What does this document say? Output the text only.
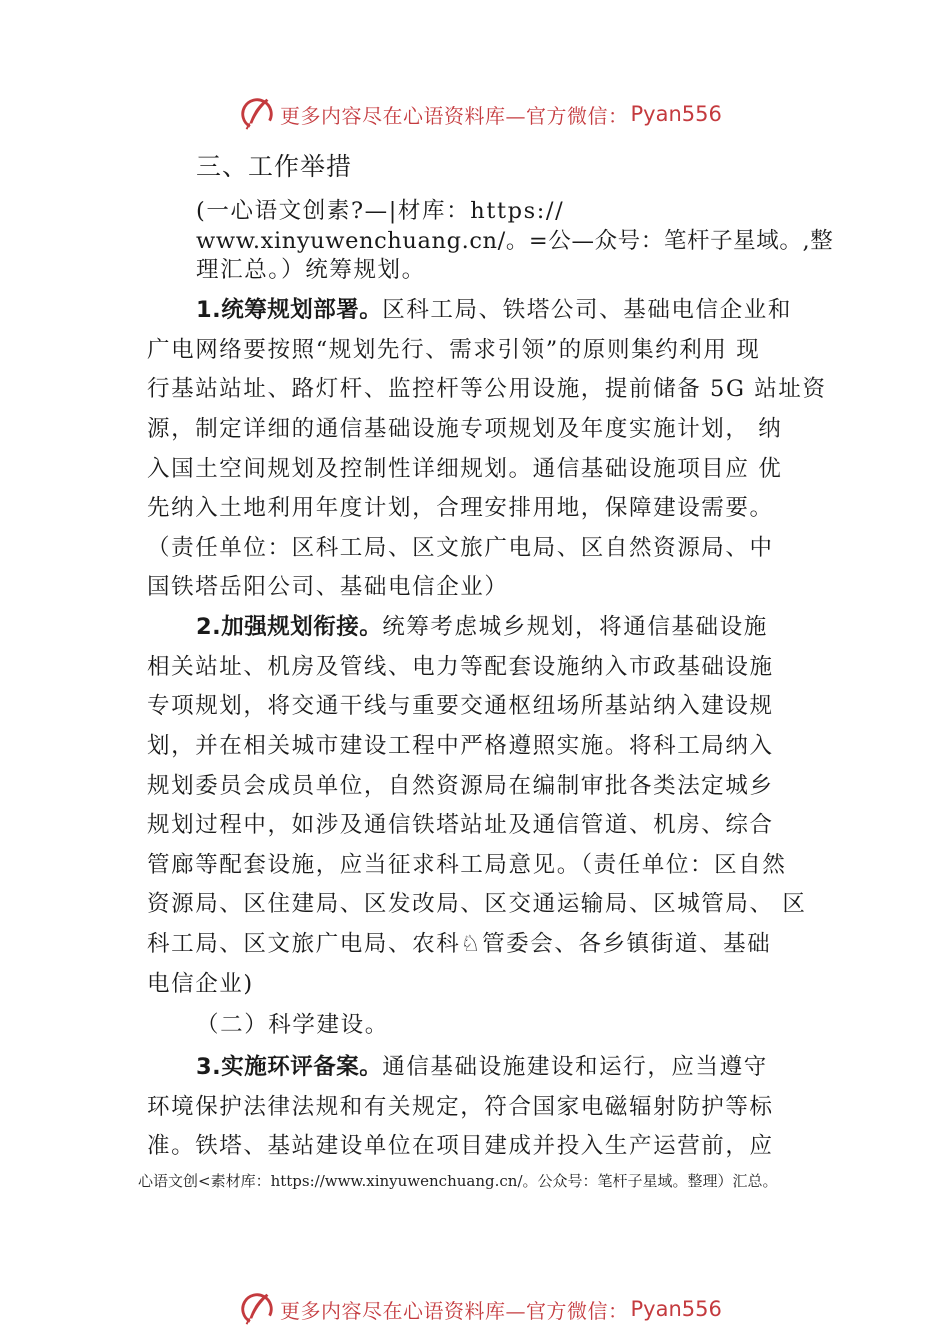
更多内容尽在心语资料库—官方微信： Pyan556
三、工作举措
(一心语文创素?—|材库：https://
www.xinyuwenchuang.cn/。=公—众号：笔杆子星域。,整
理汇总。）统筹规划。
1.统筹规划部署。区科工局、铁塔公司、基础电信企业和
广电网络要按照“规划先行、需求引领”的原则集约利用 现
行基站站址、路灯杆、监控杆等公用设施，提前储备 5G 站址资
源，制定详细的通信基础设施专项规划及年度实施计划， 纳
入国土空间规划及控制性详细规划。通信基础设施项目应 优
先纳入土地利用年度计划，合理安排用地，保障建设需要。
（责任单位：区科工局、区文旅广电局、区自然资源局、中
国铁塔岳阳公司、基础电信企业）
2.加强规划衔接。统筹考虑城乡规划，将通信基础设施
相关站址、机房及管线、电力等配套设施纳入市政基础设施
专项规划，将交通干线与重要交通枢纽场所基站纳入建设规
划，并在相关城市建设工程中严格遵照实施。将科工局纳入
规划委员会成员单位，自然资源局在编制审批各类法定城乡
规划过程中，如涉及通信铁塔站址及通信管道、机房、综合
管廊等配套设施，应当征求科工局意见。（责任单位：区自然
资源局、区住建局、区发改局、区交通运输局、区城管局、 区
科工局、区文旅广电局、农科♘管委会、各乡镇街道、基础
电信企业)
（二）科学建设。
3.实施环评备案。通信基础设施建设和运行，应当遵守
环境保护法律法规和有关规定，符合国家电磁辐射防护等标
准。铁塔、基站建设单位在项目建成并投入生产运营前，应
心语文创<素材库：https://www.xinyuwenchuang.cn/。公众号：笔杆子星域。整理）汇总。
更多内容尽在心语资料库—官方微信： Pyan556
